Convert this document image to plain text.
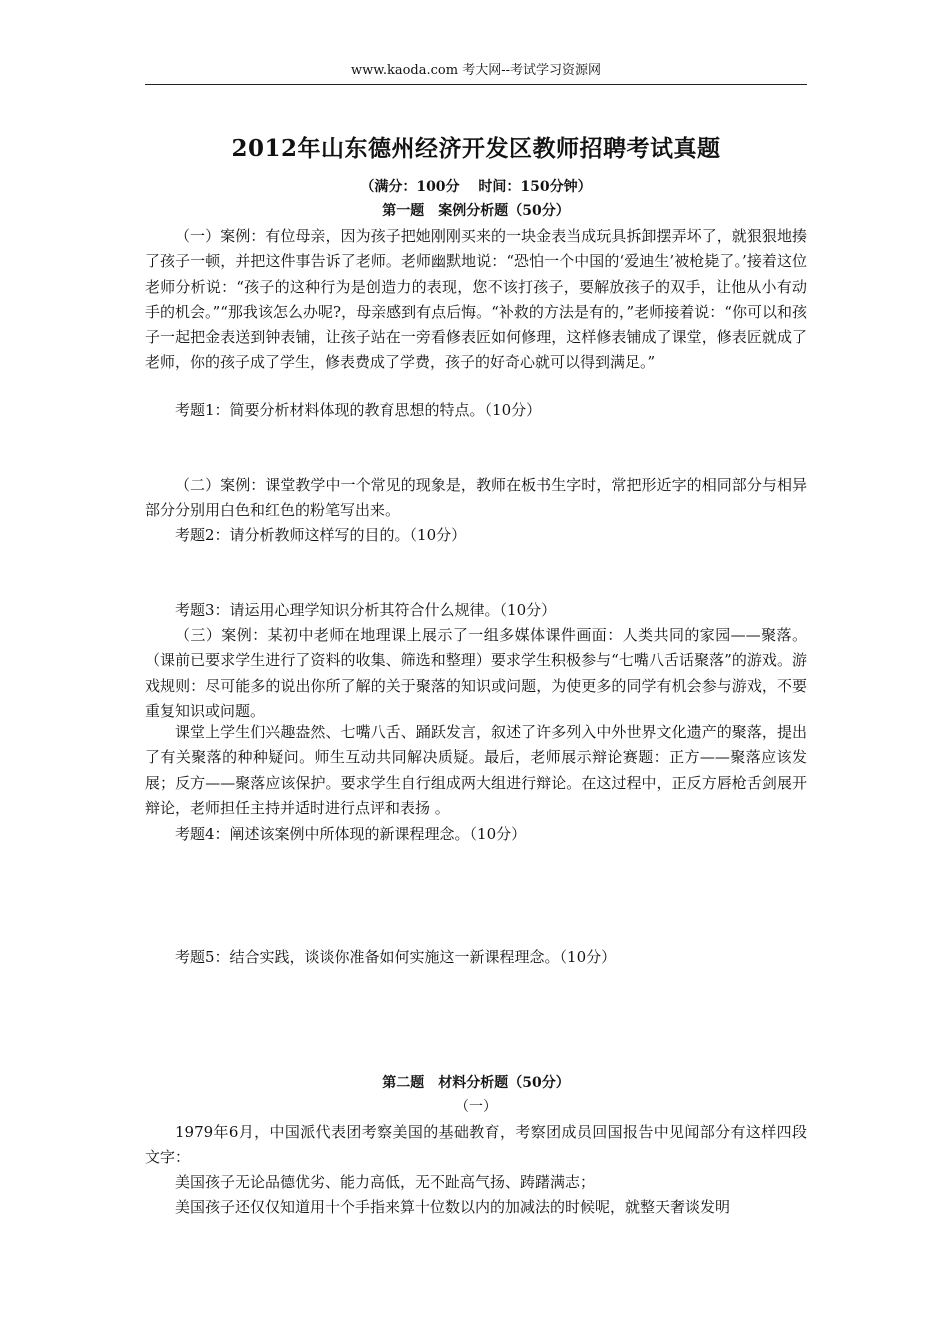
www.kaoda.com 考大网--考试学习资源网
2012年山东德州经济开发区教师招聘考试真题
（满分：100分　 时间：150分钟）
第一题　案例分析题（50分）

（一）案例：有位母亲，因为孩子把她刚刚买来的一块金表当成玩具拆卸摆弄坏了，就狠狠地揍了孩子一顿，并把这件事告诉了老师。老师幽默地说：“恐怕一个中国的‘爱迪生’被枪毙了。’接着这位老师分析说：“孩子的这种行为是创造力的表现，您不该打孩子，要解放孩子的双手，让他从小有动手的机会。”“那我该怎么办呢?，母亲感到有点后悔。“补救的方法是有的，”老师接着说：“你可以和孩子一起把金表送到钟表铺，让孩子站在一旁看修表匠如何修理，这样修表铺成了课堂，修表匠就成了老师，你的孩子成了学生，修表费成了学费，孩子的好奇心就可以得到满足。”

考题1：简要分析材料体现的教育思想的特点。（10分）

（二）案例：课堂教学中一个常见的现象是，教师在板书生字时，常把形近字的相同部分与相异部分分别用白色和红色的粉笔写出来。

考题2：请分析教师这样写的目的。（10分）

考题3：请运用心理学知识分析其符合什么规律。（10分）

（三）案例：某初中老师在地理课上展示了一组多媒体课件画面：人类共同的家园——聚落。（课前已要求学生进行了资料的收集、筛选和整理）要求学生积极参与“七嘴八舌话聚落”的游戏。游戏规则：尽可能多的说出你所了解的关于聚落的知识或问题，为使更多的同学有机会参与游戏，不要重复知识或问题。

课堂上学生们兴趣盎然、七嘴八舌、踊跃发言，叙述了许多列入中外世界文化遗产的聚落，提出了有关聚落的种种疑问。师生互动共同解决质疑。最后，老师展示辩论赛题：正方——聚落应该发展；反方——聚落应该保护。要求学生自行组成两大组进行辩论。在这过程中，正反方唇枪舌剑展开辩论，老师担任主持并适时进行点评和表扬 。

考题4：阐述该案例中所体现的新课程理念。（10分）

考题5：结合实践，谈谈你准备如何实施这一新课程理念。（10分）

第二题　材料分析题（50分）

（一）

1979年6月，中国派代表团考察美国的基础教育，考察团成员回国报告中见闻部分有这样四段文字：

美国孩子无论品德优劣、能力高低，无不趾高气扬、踌躇满志；

美国孩子还仅仅知道用十个手指来算十位数以内的加减法的时候呢，就整天奢谈发明
